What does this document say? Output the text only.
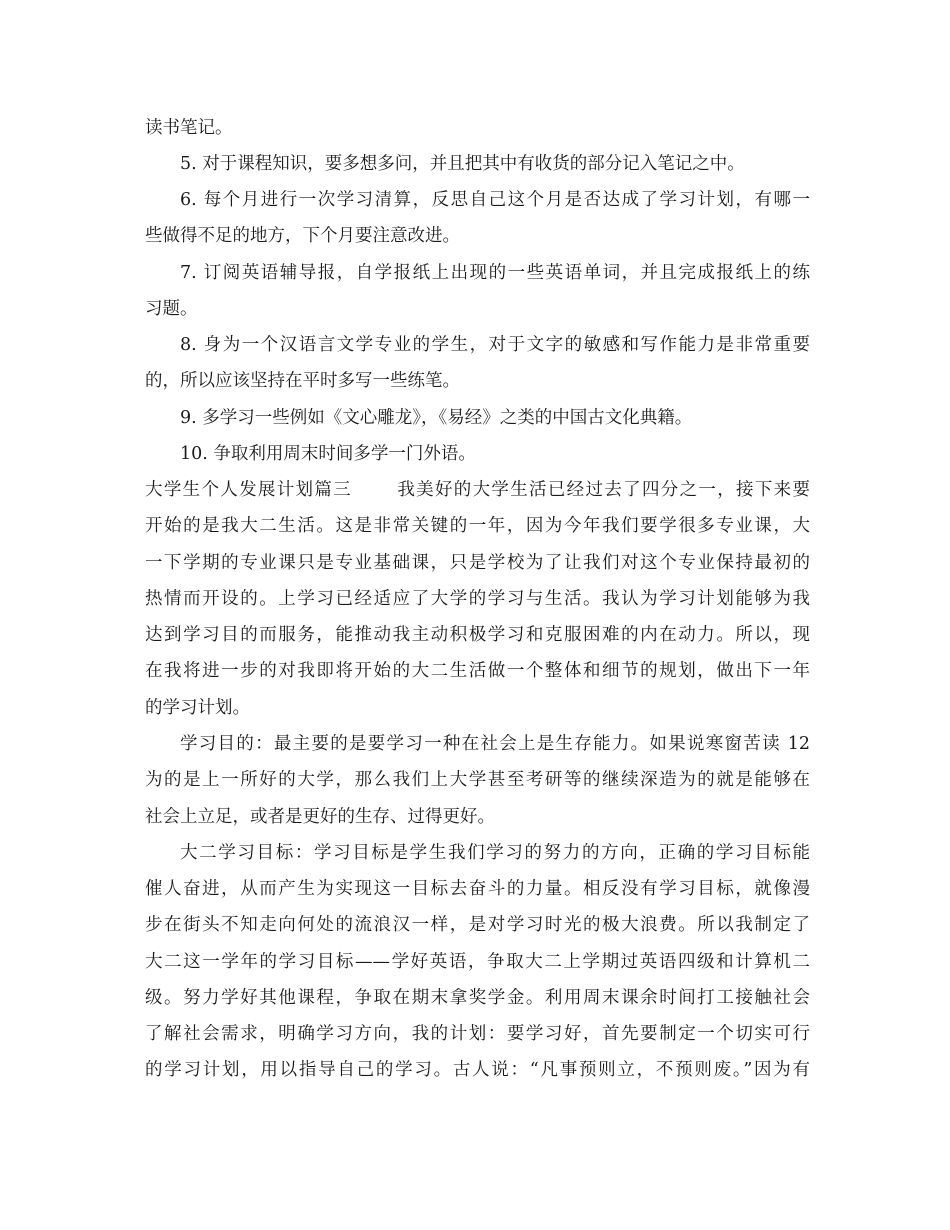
读书笔记。
5. 对于课程知识，要多想多问，并且把其中有收货的部分记入笔记之中。
6. 每个月进行一次学习清算，反思自己这个月是否达成了学习计划，有哪一
些做得不足的地方，下个月要注意改进。
7. 订阅英语辅导报，自学报纸上出现的一些英语单词，并且完成报纸上的练
习题。
8. 身为一个汉语言文学专业的学生，对于文字的敏感和写作能力是非常重要
的，所以应该坚持在平时多写一些练笔。
9. 多学习一些例如《文心雕龙》，《易经》之类的中国古文化典籍。
10. 争取利用周末时间多学一门外语。
大学生个人发展计划篇三	我美好的大学生活已经过去了四分之一，接下来要
开始的是我大二生活。这是非常关键的一年，因为今年我们要学很多专业课，大
一下学期的专业课只是专业基础课，只是学校为了让我们对这个专业保持最初的
热情而开设的。上学习已经适应了大学的学习与生活。我认为学习计划能够为我
达到学习目的而服务，能推动我主动积极学习和克服困难的内在动力。所以，现
在我将进一步的对我即将开始的大二生活做一个整体和细节的规划，做出下一年
的学习计划。
学习目的：最主要的是要学习一种在社会上是生存能力。如果说寒窗苦读 12
为的是上一所好的大学，那么我们上大学甚至考研等的继续深造为的就是能够在
社会上立足，或者是更好的生存、过得更好。
大二学习目标：学习目标是学生我们学习的努力的方向，正确的学习目标能
催人奋进，从而产生为实现这一目标去奋斗的力量。相反没有学习目标，就像漫
步在街头不知走向何处的流浪汉一样，是对学习时光的极大浪费。所以我制定了
大二这一学年的学习目标——学好英语，争取大二上学期过英语四级和计算机二
级。努力学好其他课程，争取在期末拿奖学金。利用周末课余时间打工接触社会
了解社会需求，明确学习方向，我的计划：要学习好，首先要制定一个切实可行
的学习计划，用以指导自己的学习。古人说：“凡事预则立，不预则废。”因为有
